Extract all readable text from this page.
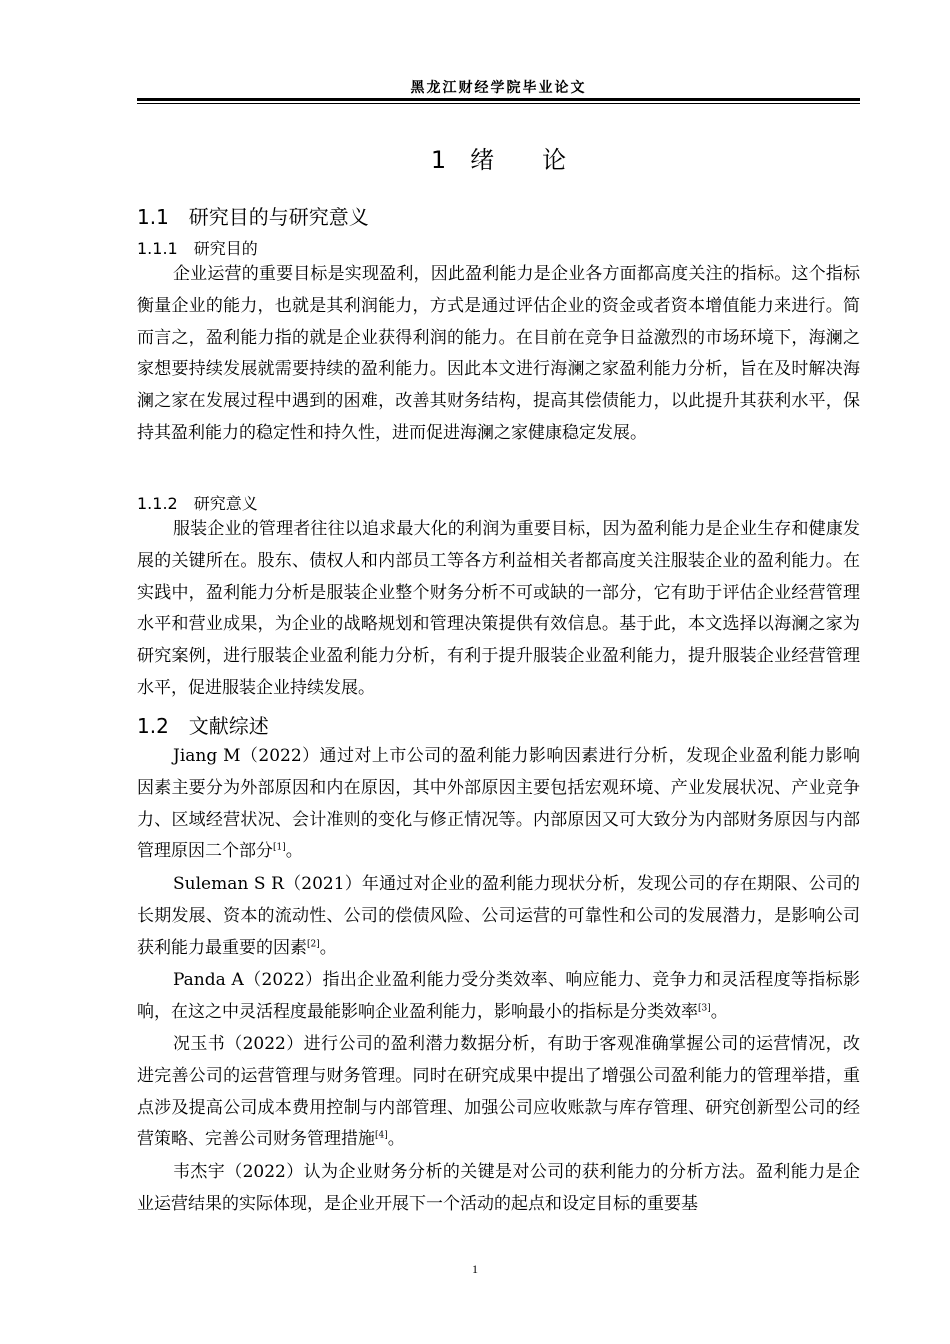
黑龙江财经学院毕业论文
1　绪　　论
1.1　研究目的与研究意义
1.1.1　研究目的

企业运营的重要目标是实现盈利，因此盈利能力是企业各方面都高度关注的指标。这个指标衡量企业的能力，也就是其利润能力，方式是通过评估企业的资金或者资本增值能力来进行。简而言之，盈利能力指的就是企业获得利润的能力。在目前在竞争日益激烈的市场环境下，海澜之家想要持续发展就需要持续的盈利能力。因此本文进行海澜之家盈利能力分析，旨在及时解决海澜之家在发展过程中遇到的困难，改善其财务结构，提高其偿债能力，以此提升其获利水平，保持其盈利能力的稳定性和持久性，进而促进海澜之家健康稳定发展。

1.1.2　研究意义

服装企业的管理者往往以追求最大化的利润为重要目标，因为盈利能力是企业生存和健康发展的关键所在。股东、债权人和内部员工等各方利益相关者都高度关注服装企业的盈利能力。在实践中，盈利能力分析是服装企业整个财务分析不可或缺的一部分，它有助于评估企业经营管理水平和营业成果，为企业的战略规划和管理决策提供有效信息。基于此，本文选择以海澜之家为研究案例，进行服装企业盈利能力分析，有利于提升服装企业盈利能力，提升服装企业经营管理水平，促进服装企业持续发展。

1.2　文献综述

Jiang M（2022）通过对上市公司的盈利能力影响因素进行分析，发现企业盈利能力影响因素主要分为外部原因和内在原因，其中外部原因主要包括宏观环境、产业发展状况、产业竞争力、区域经营状况、会计准则的变化与修正情况等。内部原因又可大致分为内部财务原因与内部管理原因二个部分[1]。

Suleman S R（2021）年通过对企业的盈利能力现状分析，发现公司的存在期限、公司的长期发展、资本的流动性、公司的偿债风险、公司运营的可靠性和公司的发展潜力，是影响公司获利能力最重要的因素[2]。

Panda A（2022）指出企业盈利能力受分类效率、响应能力、竞争力和灵活程度等指标影响，在这之中灵活程度最能影响企业盈利能力，影响最小的指标是分类效率[3]。

况玉书（2022）进行公司的盈利潜力数据分析，有助于客观准确掌握公司的运营情况，改进完善公司的运营管理与财务管理。同时在研究成果中提出了增强公司盈利能力的管理举措，重点涉及提高公司成本费用控制与内部管理、加强公司应收账款与库存管理、研究创新型公司的经营策略、完善公司财务管理措施[4]。

韦杰宇（2022）认为企业财务分析的关键是对公司的获利能力的分析方法。盈利能力是企业运营结果的实际体现，是企业开展下一个活动的起点和设定目标的重要基

1
